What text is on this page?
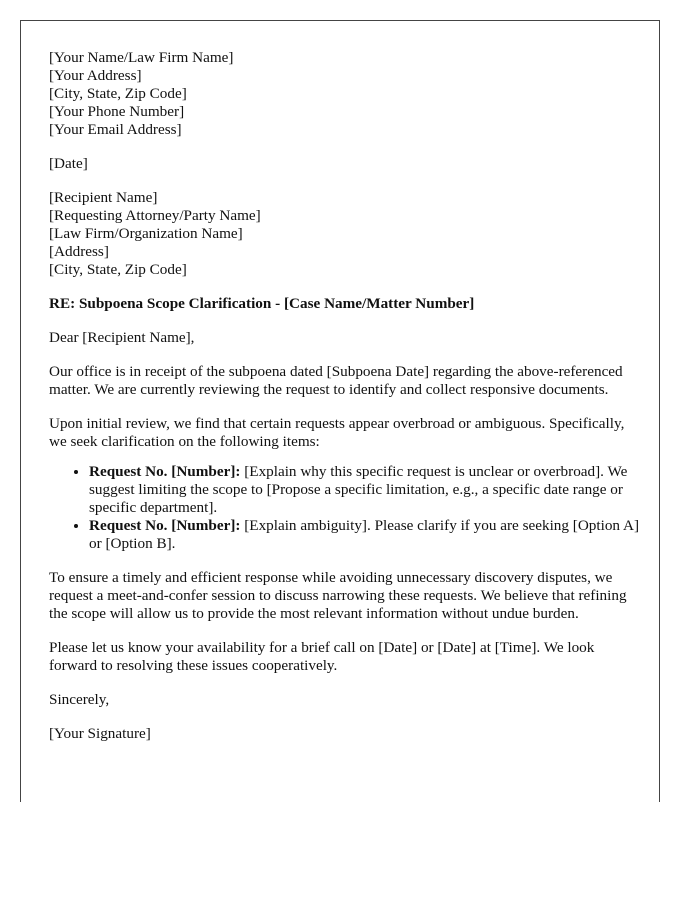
[Your Name/Law Firm Name]
[Your Address]
[City, State, Zip Code]
[Your Phone Number]
[Your Email Address]
[Date]
[Recipient Name]
[Requesting Attorney/Party Name]
[Law Firm/Organization Name]
[Address]
[City, State, Zip Code]

RE: Subpoena Scope Clarification - [Case Name/Matter Number]

Dear [Recipient Name],

Our office is in receipt of the subpoena dated [Subpoena Date] regarding the above-referenced matter. We are currently reviewing the request to identify and collect responsive documents.

Upon initial review, we find that certain requests appear overbroad or ambiguous. Specifically, we seek clarification on the following items:

• Request No. [Number]: [Explain why this specific request is unclear or overbroad]. We suggest limiting the scope to [Propose a specific limitation, e.g., a specific date range or specific department].
• Request No. [Number]: [Explain ambiguity]. Please clarify if you are seeking [Option A] or [Option B].

To ensure a timely and efficient response while avoiding unnecessary discovery disputes, we request a meet-and-confer session to discuss narrowing these requests. We believe that refining the scope will allow us to provide the most relevant information without undue burden.

Please let us know your availability for a brief call on [Date] or [Date] at [Time]. We look forward to resolving these issues cooperatively.

Sincerely,

[Your Signature]
